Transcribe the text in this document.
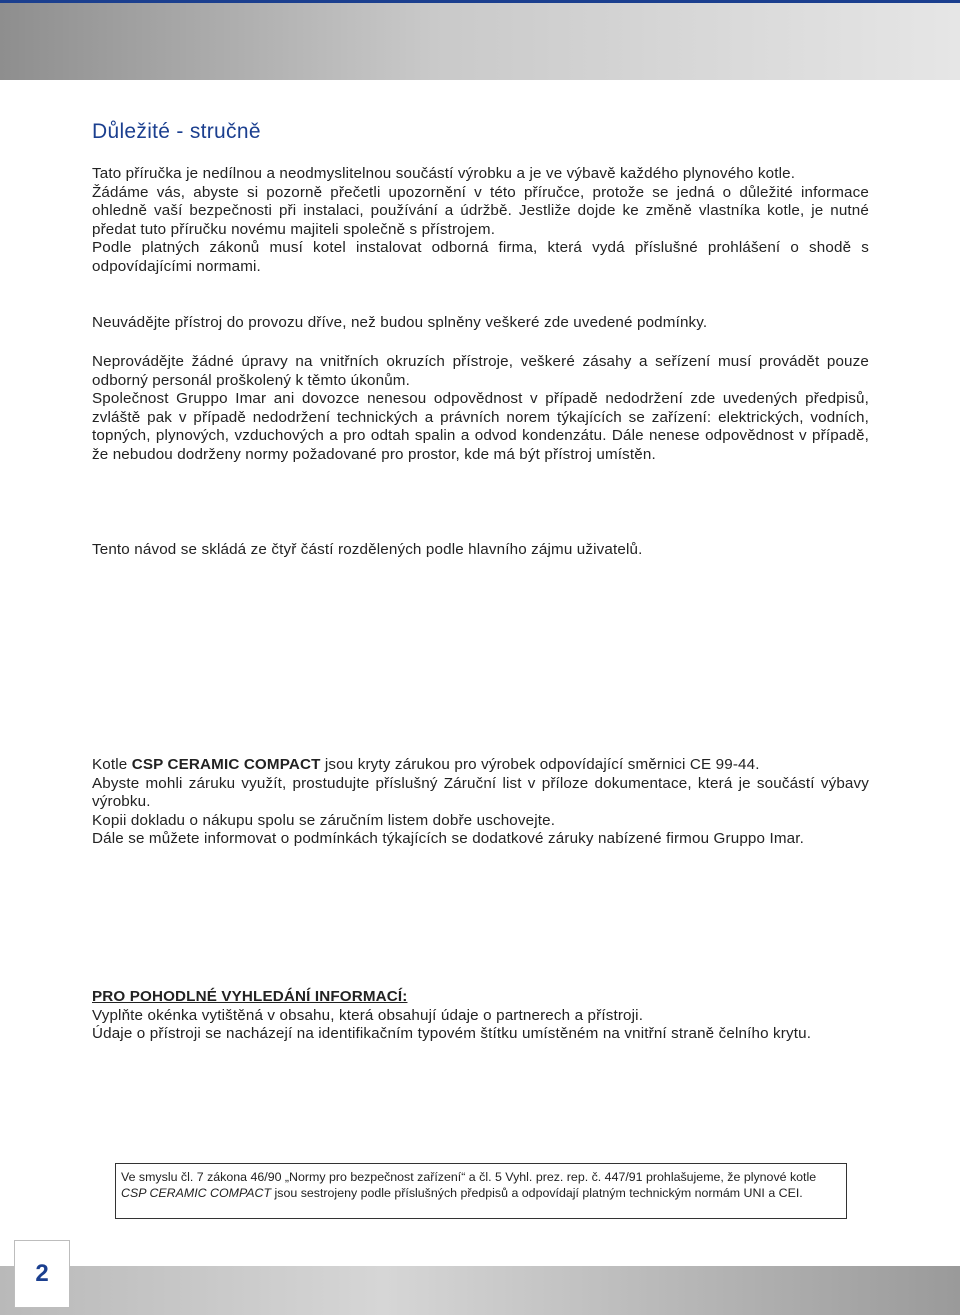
Důležité - stručně

Tato příručka je nedílnou a neodmyslitelnou součástí výrobku a je ve výbavě každého plynového kotle.

Žádáme vás, abyste si pozorně přečetli upozornění v této příručce, protože se jedná o důležité informace ohledně vaší bezpečnosti při instalaci, používání a údržbě. Jestliže dojde ke změně vlastníka kotle, je nutné předat tuto příručku novému majiteli společně s přístrojem.

Podle platných zákonů musí kotel instalovat odborná firma, která vydá příslušné prohlášení o shodě s odpovídajícími normami.

Neuvádějte přístroj do provozu dříve, než budou splněny veškeré zde uvedené podmínky.

Neprovádějte žádné úpravy na vnitřních okruzích přístroje, veškeré zásahy a seřízení musí provádět pouze odborný personál proškolený k těmto úkonům.

Společnost Gruppo Imar ani dovozce nenesou odpovědnost v případě nedodržení zde uvedených předpisů, zvláště pak v případě nedodržení technických a právních norem týkajících se zařízení: elektrických, vodních, topných, plynových, vzduchových a pro odtah spalin a odvod kondenzátu. Dále nenese odpovědnost v případě, že nebudou dodrženy normy požadované pro prostor, kde má být přístroj umístěn.

Tento návod se skládá ze čtyř částí rozdělených podle hlavního zájmu uživatelů.

Kotle CSP CERAMIC COMPACT jsou kryty zárukou pro výrobek odpovídající směrnici CE 99-44.

Abyste mohli záruku využít, prostudujte příslušný Záruční list v příloze dokumentace, která je součástí výbavy výrobku.

Kopii dokladu o nákupu spolu se záručním listem dobře uschovejte.

Dále se můžete informovat o podmínkách týkajících se dodatkové záruky nabízené firmou Gruppo Imar.

PRO POHODLNÉ VYHLEDÁNÍ INFORMACÍ:

Vyplňte okénka vytištěná v obsahu, která obsahují údaje o partnerech a přístroji.

Údaje o přístroji se nacházejí na identifikačním typovém štítku umístěném na vnitřní straně čelního krytu.

Ve smyslu čl. 7 zákona 46/90 „Normy pro bezpečnost zařízení“ a čl. 5 Vyhl. prez. rep. č. 447/91 prohlašujeme, že plynové kotle CSP CERAMIC COMPACT jsou sestrojeny podle příslušných předpisů a odpovídají platným technickým normám UNI a CEI.
2
